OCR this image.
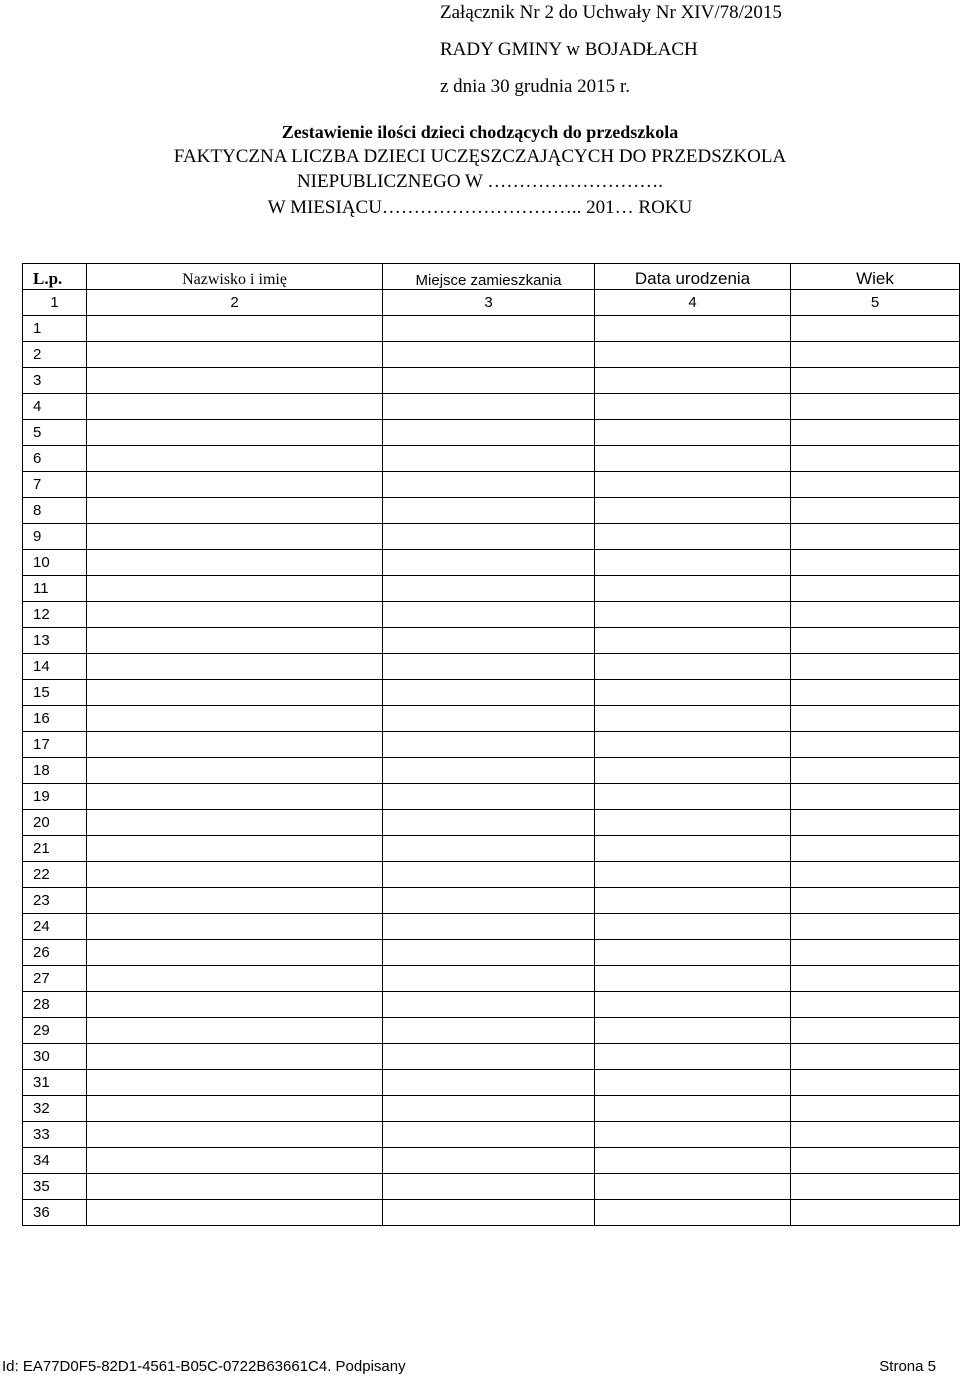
Załącznik Nr 2 do Uchwały Nr XIV/78/2015
RADY GMINY w BOJADŁACH
z dnia 30 grudnia 2015 r.
Zestawienie ilości dzieci chodzących do przedszkola
FAKTYCZNA LICZBA DZIECI UCZĘSZCZAJĄCYCH DO PRZEDSZKOLA
NIEPUBLICZNEGO W ……………………….
W MIESIĄCU………………………….. 201… ROKU
L.p.	Nazwisko i imię	Miejsce zamieszkania	Data urodzenia	Wiek
1	2	3	4	5
1				
2				
3				
4				
5				
6				
7				
8				
9				
10				
11				
12				
13				
14				
15				
16				
17				
18				
19				
20				
21				
22				
23				
24				
26				
27				
28				
29				
30				
31				
32				
33				
34				
35				
36				
Id: EA77D0F5-82D1-4561-B05C-0722B63661C4. Podpisany	Strona 5
